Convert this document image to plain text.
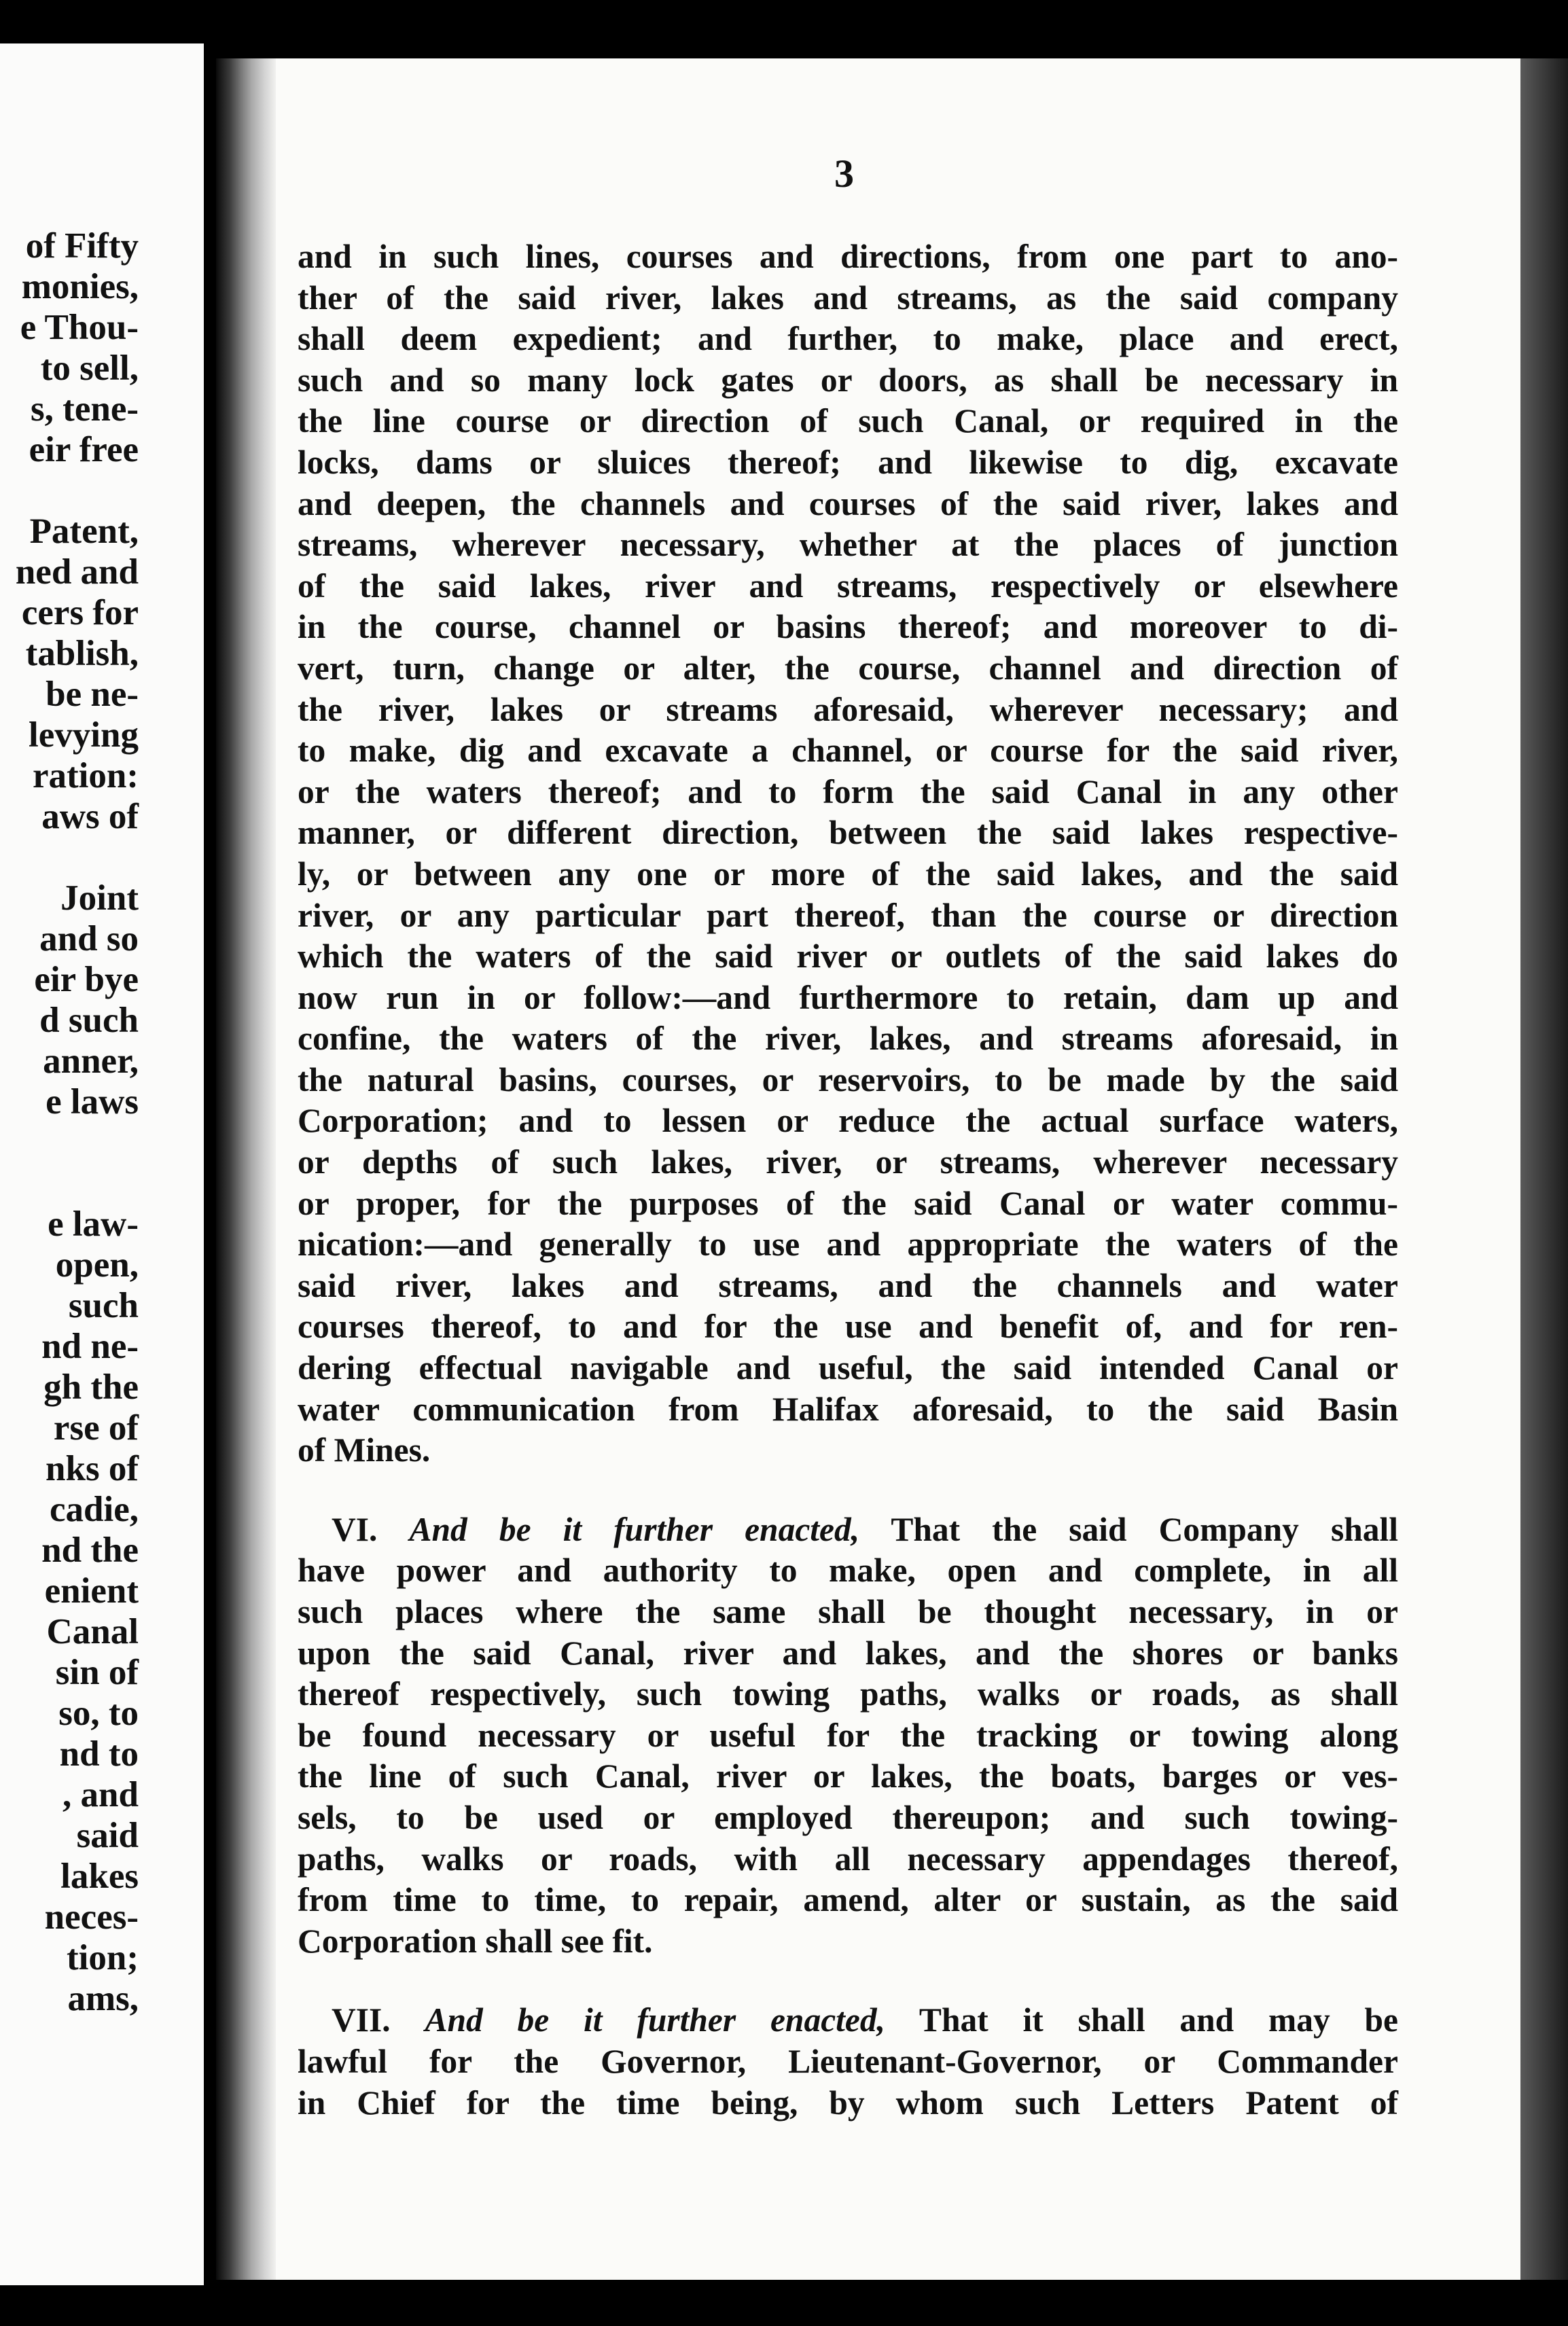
of Fifty
monies,
e Thou-
to sell,
s, tene-
eir free
Patent,
ned and
cers for
tablish,
be ne-
levying
ration:
aws of
Joint
and so
eir bye
d such
anner,
e laws
e law-
open,
such
nd ne-
gh the
rse of
nks of
cadie,
nd the
enient
Canal
sin of
so, to
nd to
, and
said
lakes
neces-
tion;
ams,
3
and in such lines, courses and directions, from one part to ano-
ther of the said river, lakes and streams, as the said company
shall deem expedient; and further, to make, place and erect,
such and so many lock gates or doors, as shall be necessary in
the line course or direction of such Canal, or required in the
locks, dams or sluices thereof; and likewise to dig, excavate
and deepen, the channels and courses of the said river, lakes and
streams, wherever necessary, whether at the places of junction
of the said lakes, river and streams, respectively or elsewhere
in the course, channel or basins thereof; and moreover to di-
vert, turn, change or alter, the course, channel and direction of
the river, lakes or streams aforesaid, wherever necessary; and
to make, dig and excavate a channel, or course for the said river,
or the waters thereof; and to form the said Canal in any other
manner, or different direction, between the said lakes respective-
ly, or between any one or more of the said lakes, and the said
river, or any particular part thereof, than the course or direction
which the waters of the said river or outlets of the said lakes do
now run in or follow:—and furthermore to retain, dam up and
confine, the waters of the river, lakes, and streams aforesaid, in
the natural basins, courses, or reservoirs, to be made by the said
Corporation; and to lessen or reduce the actual surface waters,
or depths of such lakes, river, or streams, wherever necessary
or proper, for the purposes of the said Canal or water commu-
nication:—and generally to use and appropriate the waters of the
said river, lakes and streams, and the channels and water
courses thereof, to and for the use and benefit of, and for ren-
dering effectual navigable and useful, the said intended Canal or
water communication from Halifax aforesaid, to the said Basin
of Mines.
VI. And be it further enacted, That the said Company shall
have power and authority to make, open and complete, in all
such places where the same shall be thought necessary, in or
upon the said Canal, river and lakes, and the shores or banks
thereof respectively, such towing paths, walks or roads, as shall
be found necessary or useful for the tracking or towing along
the line of such Canal, river or lakes, the boats, barges or ves-
sels, to be used or employed thereupon; and such towing-
paths, walks or roads, with all necessary appendages thereof,
from time to time, to repair, amend, alter or sustain, as the said
Corporation shall see fit.
VII. And be it further enacted, That it shall and may be
lawful for the Governor, Lieutenant-Governor, or Commander
in Chief for the time being, by whom such Letters Patent of
